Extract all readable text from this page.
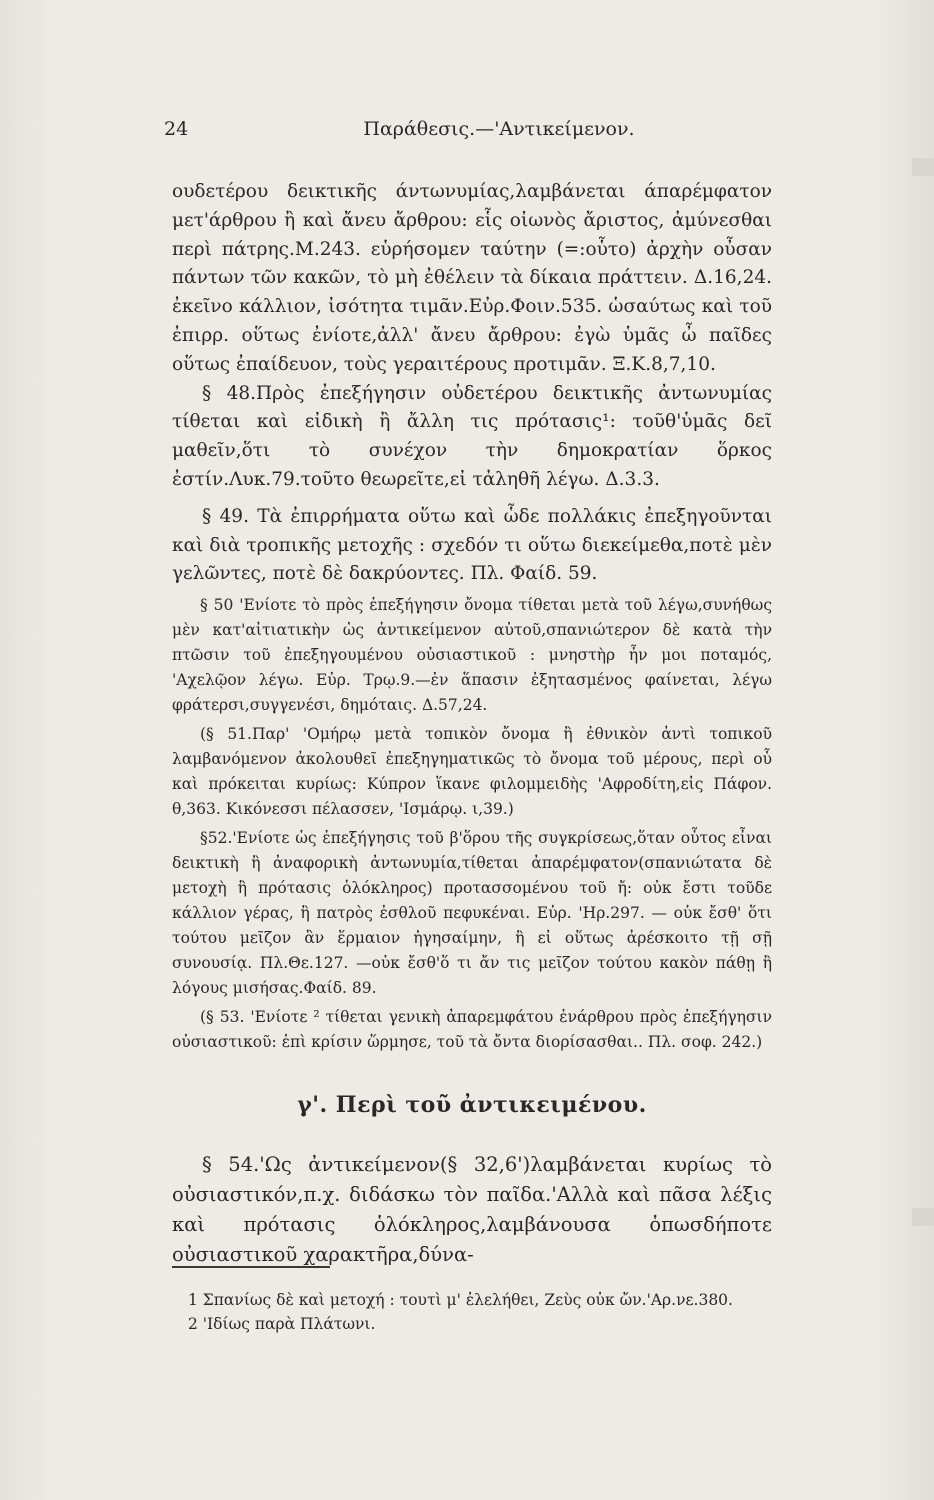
24	Παράθεσις.—'Αντικείμενον.

ουδετέρου δεικτικῆς άντωνυμίας,λαμβάνεται άπαρέμφατον μετ'άρθρου ἢ καὶ ἄνευ ἄρθρου: εἷς οἰωνὸς ἄριστος, ἀμύνεσθαι περὶ πάτρης.Μ.243. εὑρήσομεν ταύτην (=:οὗτο) ἀρχὴν οὖσαν πάντων τῶν κακῶν, τὸ μὴ ἐθέλειν τὰ δίκαια πράττειν. Δ.16,24. ἐκεῖνο κάλλιον, ἰσότητα τιμᾶν.Εὐρ.Φοιν.535. ὡσαύτως καὶ τοῦ ἐπιρρ. οὕτως ἐνίοτε,ἀλλ' ἄνευ ἄρθρου: ἐγὼ ὑμᾶς ὦ παῖδες οὕτως ἐπαίδευον, τοὺς γεραιτέρους προτιμᾶν. Ξ.Κ.8,7,10.

§ 48.Πρὸς ἐπεξήγησιν οὐδετέρου δεικτικῆς ἀντωνυμίας τίθεται καὶ εἰδικὴ ἢ ἄλλη τις πρότασις¹: τοῦθ'ὑμᾶς δεῖ μαθεῖν,ὅτι τὸ συνέχον τὴν δημοκρατίαν ὅρκος ἐστίν.Λυκ.79.τοῦτο θεωρεῖτε,εἰ τἀληθῆ λέγω. Δ.3.3.

§ 49. Τὰ ἐπιρρήματα οὕτω καὶ ὧδε πολλάκις ἐπεξηγοῦνται καὶ διὰ τροπικῆς μετοχῆς : σχεδόν τι οὕτω διεκείμεθα,ποτὲ μὲν γελῶντες, ποτὲ δὲ δακρύοντες. Πλ. Φαίδ. 59.

§ 50 'Ενίοτε τὸ πρὸς ἐπεξήγησιν ὄνομα τίθεται μετὰ τοῦ λέγω,συνήθως μὲν κατ'αἰτιατικὴν ὡς ἀντικείμενον αὐτοῦ,σπανιώτερον δὲ κατὰ τὴν πτῶσιν τοῦ ἐπεξηγουμένου οὐσιαστικοῦ : μνηστὴρ ἦν μοι ποταμός, 'Αχελῷον λέγω. Εὐρ. Τρῳ.9.—ἐν ἅπασιν ἐξητασμένος φαίνεται, λέγω φράτερσι,συγγενέσι, δημόταις. Δ.57,24.

(§ 51.Παρ' 'Ομήρῳ μετὰ τοπικὸν ὄνομα ἢ ἐθνικὸν ἀντὶ τοπικοῦ λαμβανόμενον ἀκολουθεῖ ἐπεξηγηματικῶς τὸ ὄνομα τοῦ μέρους, περὶ οὗ καὶ πρόκειται κυρίως: Κύπρον ἵκανε φιλομμειδὴς 'Αφροδίτη,εἰς Πάφον. θ,363. Κικόνεσσι πέλασσεν, 'Ισμάρῳ. ι,39.)

§52.'Ενίοτε ὡς ἐπεξήγησις τοῦ β'ὅρου τῆς συγκρίσεως,ὅταν οὗτος εἶναι δεικτικὴ ἢ ἀναφορικὴ ἀντωνυμία,τίθεται ἀπαρέμφατον(σπανιώτατα δὲ μετοχὴ ἢ πρότασις ὁλόκληρος) προτασσομένου τοῦ ἤ: οὐκ ἔστι τοῦδε κάλλιον γέρας, ἢ πατρὸς ἐσθλοῦ πεφυκέναι. Εὐρ. 'Ηρ.297. — οὐκ ἔσθ' ὅτι τούτου μεῖζον ἂν ἕρμαιον ἡγησαίμην, ἢ εἰ οὕτως ἀρέσκοιτο τῇ σῇ συνουσίᾳ. Πλ.Θε.127. —οὐκ ἔσθ'ὅ τι ἄν τις μεῖζον τούτου κακὸν πάθῃ ἢ λόγους μισήσας.Φαίδ. 89.

(§ 53. 'Ενίοτε ² τίθεται γενικὴ ἀπαρεμφάτου ἐνάρθρου πρὸς ἐπεξήγησιν οὐσιαστικοῦ: ἐπὶ κρίσιν ὥρμησε, τοῦ τὰ ὄντα διορίσασθαι.. Πλ. σοφ. 242.)

γ'. Περὶ τοῦ ἀντικειμένου.

§ 54.'Ως ἀντικείμενον(§ 32,6')λαμβάνεται κυρίως τὸ οὐσιαστικόν,π.χ. διδάσκω τὸν παῖδα.'Αλλὰ καὶ πᾶσα λέξις καὶ πρότασις ὁλόκληρος,λαμβάνουσα ὁπωσδήποτε οὐσιαστικοῦ χαρακτῆρα,δύνα-

1 Σπανίως δὲ καὶ μετοχή : τουτὶ μ' ἐλελήθει, Ζεὺς οὐκ ὤν.'Αρ.νε.380.

2 'Ιδίως παρὰ Πλάτωνι.
